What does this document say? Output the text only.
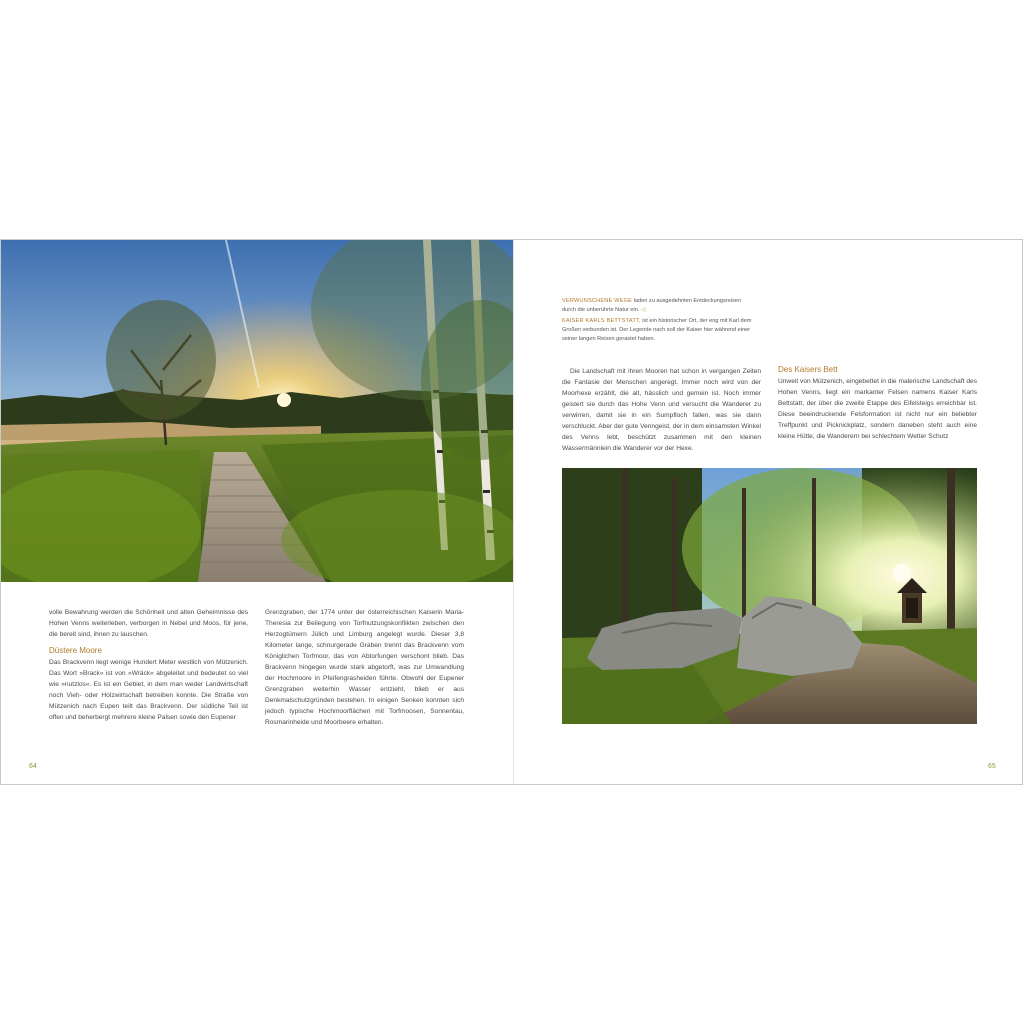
volle Bewahrung werden die Schönheit und alten Geheimnisse des Hohen Venns weiterleben, verborgen in Nebel und Moos, für jene, die bereit sind, ihnen zu lauschen.

Düstere Moore

Das Brackvenn liegt wenige Hundert Meter westlich von Mützenich. Das Wort »Brack« ist von »Wräck« abgeleitet und bedeutet so viel wie »nutzlos«. Es ist ein Gebiet, in dem man weder Landwirtschaft noch Vieh- oder Holzwirtschaft betreiben konnte. Die Straße von Mützenich nach Eupen teilt das Brackvenn. Der südliche Teil ist offen und beherbergt mehrere kleine Palsen sowie den Eupener

Grenzgraben, der 1774 unter der österreichischen Kaiserin Maria-Theresia zur Beilegung von Torfnutzungskonflikten zwischen den Herzogtümern Jülich und Limburg angelegt wurde. Dieser 3,8 Kilometer lange, schnurgerade Graben trennt das Brackvenn vom Königlichen Torfmoor, das von Abtorfungen verschont blieb. Das Brackvenn hingegen wurde stark abgetorft, was zur Umwandlung der Hochmoore in Pfeifengrasheiden führte. Obwohl der Eupener Grenzgraben weiterhin Wasser entzieht, blieb er aus Denkmalschutzgründen bestehen. In einigen Senken konnten sich jedoch typische Hochmoorflächen mit Torfmoosen, Sonnentau, Rosmarinheide und Moorbeere erhalten.

64

VERWUNSCHENE WEGE laden zu ausgedehnten Entdeckungsreisen durch die unberührte Natur ein. ◁

KAISER KARLS BETTSTATT, ist ein historischer Ort, der eng mit Karl dem Großen verbunden ist. Der Legende nach soll der Kaiser hier während einer seiner langen Reisen gerastet haben.

Die Landschaft mit ihren Mooren hat schon in vergangen Zeiten die Fantasie der Menschen angeregt. Immer noch wird von der Moorhexe erzählt, die alt, hässlich und gemein ist. Noch immer geistert sie durch das Hohe Venn und versucht die Wanderer zu verwirren, damit sie in ein Sumpfloch fallen, was sie dann verschluckt. Aber der gute Venngeist, der in dem einsamsten Winkel des Venns lebt, beschützt zusammen mit den kleinen Wassermännlein die Wanderer vor der Hexe.

Des Kaisers Bett

Unweit von Mützenich, eingebettet in die malerische Landschaft des Hohen Venns, liegt ein markanter Felsen namens Kaiser Karls Bettstatt, der über die zweite Etappe des Eifelsteigs erreichbar ist. Diese beeindruckende Felsformation ist nicht nur ein beliebter Treffpunkt und Picknickplatz, sondern daneben steht auch eine kleine Hütte, die Wanderern bei schlechtem Wetter Schutz

65
